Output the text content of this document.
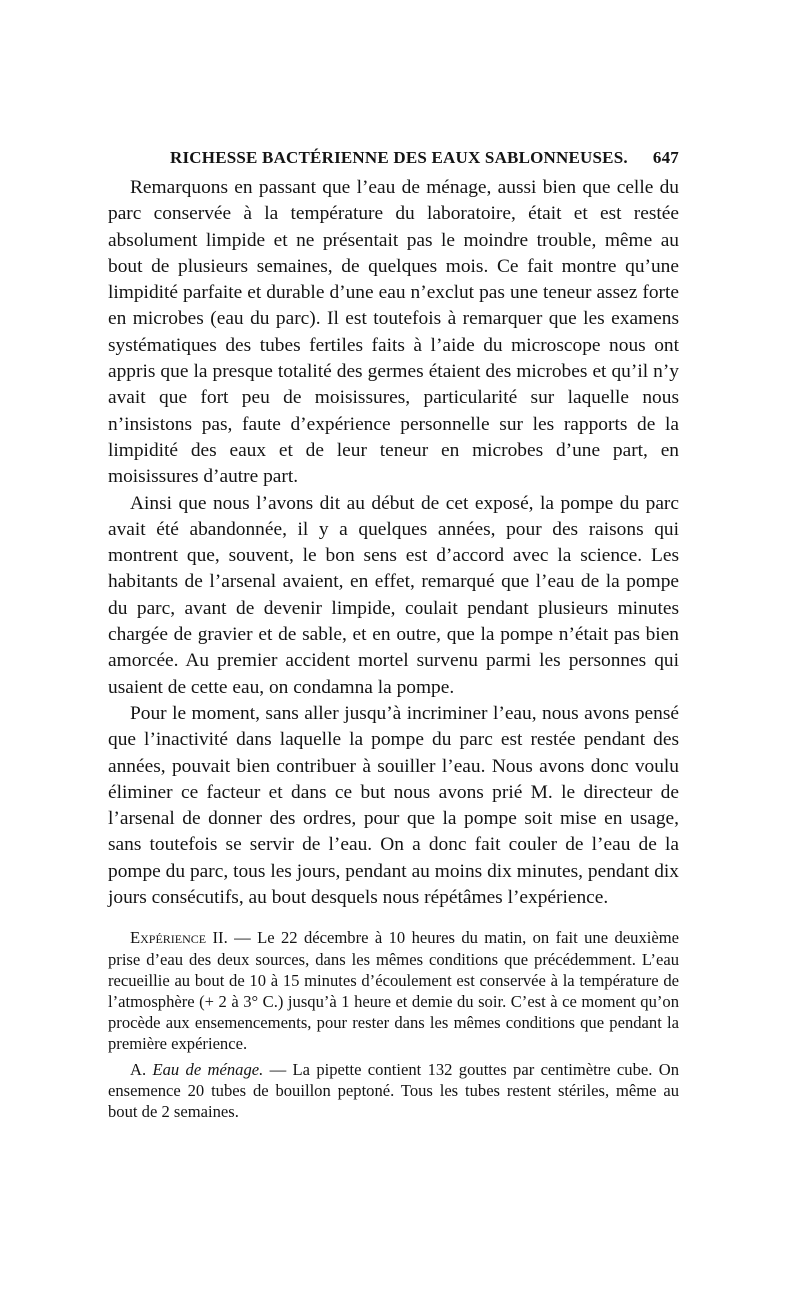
RICHESSE BACTÉRIENNE DES EAUX SABLONNEUSES. 647

Remarquons en passant que l’eau de ménage, aussi bien que celle du parc conservée à la température du laboratoire, était et est restée absolument limpide et ne présentait pas le moindre trouble, même au bout de plusieurs semaines, de quelques mois. Ce fait montre qu’une limpidité parfaite et durable d’une eau n’exclut pas une teneur assez forte en microbes (eau du parc). Il est toutefois à remarquer que les examens systématiques des tubes fertiles faits à l’aide du microscope nous ont appris que la presque totalité des germes étaient des microbes et qu’il n’y avait que fort peu de moisissures, particularité sur laquelle nous n’insistons pas, faute d’expérience personnelle sur les rapports de la limpidité des eaux et de leur teneur en microbes d’une part, en moisissures d’autre part.

Ainsi que nous l’avons dit au début de cet exposé, la pompe du parc avait été abandonnée, il y a quelques années, pour des raisons qui montrent que, souvent, le bon sens est d’accord avec la science. Les habitants de l’arsenal avaient, en effet, remarqué que l’eau de la pompe du parc, avant de devenir limpide, coulait pendant plusieurs minutes chargée de gravier et de sable, et en outre, que la pompe n’était pas bien amorcée. Au premier accident mortel survenu parmi les personnes qui usaient de cette eau, on condamna la pompe.

Pour le moment, sans aller jusqu’à incriminer l’eau, nous avons pensé que l’inactivité dans laquelle la pompe du parc est restée pendant des années, pouvait bien contribuer à souiller l’eau. Nous avons donc voulu éliminer ce facteur et dans ce but nous avons prié M. le directeur de l’arsenal de donner des ordres, pour que la pompe soit mise en usage, sans toutefois se servir de l’eau. On a donc fait couler de l’eau de la pompe du parc, tous les jours, pendant au moins dix minutes, pendant dix jours consécutifs, au bout desquels nous répétâmes l’expérience.

Expérience II. — Le 22 décembre à 10 heures du matin, on fait une deuxième prise d’eau des deux sources, dans les mêmes conditions que précédemment. L’eau recueillie au bout de 10 à 15 minutes d’écoulement est conservée à la température de l’atmosphère (+ 2 à 3° C.) jusqu’à 1 heure et demie du soir. C’est à ce moment qu’on procède aux ensemencements, pour rester dans les mêmes conditions que pendant la première expérience.

A. Eau de ménage. — La pipette contient 132 gouttes par centimètre cube. On ensemence 20 tubes de bouillon peptoné. Tous les tubes restent stériles, même au bout de 2 semaines.
